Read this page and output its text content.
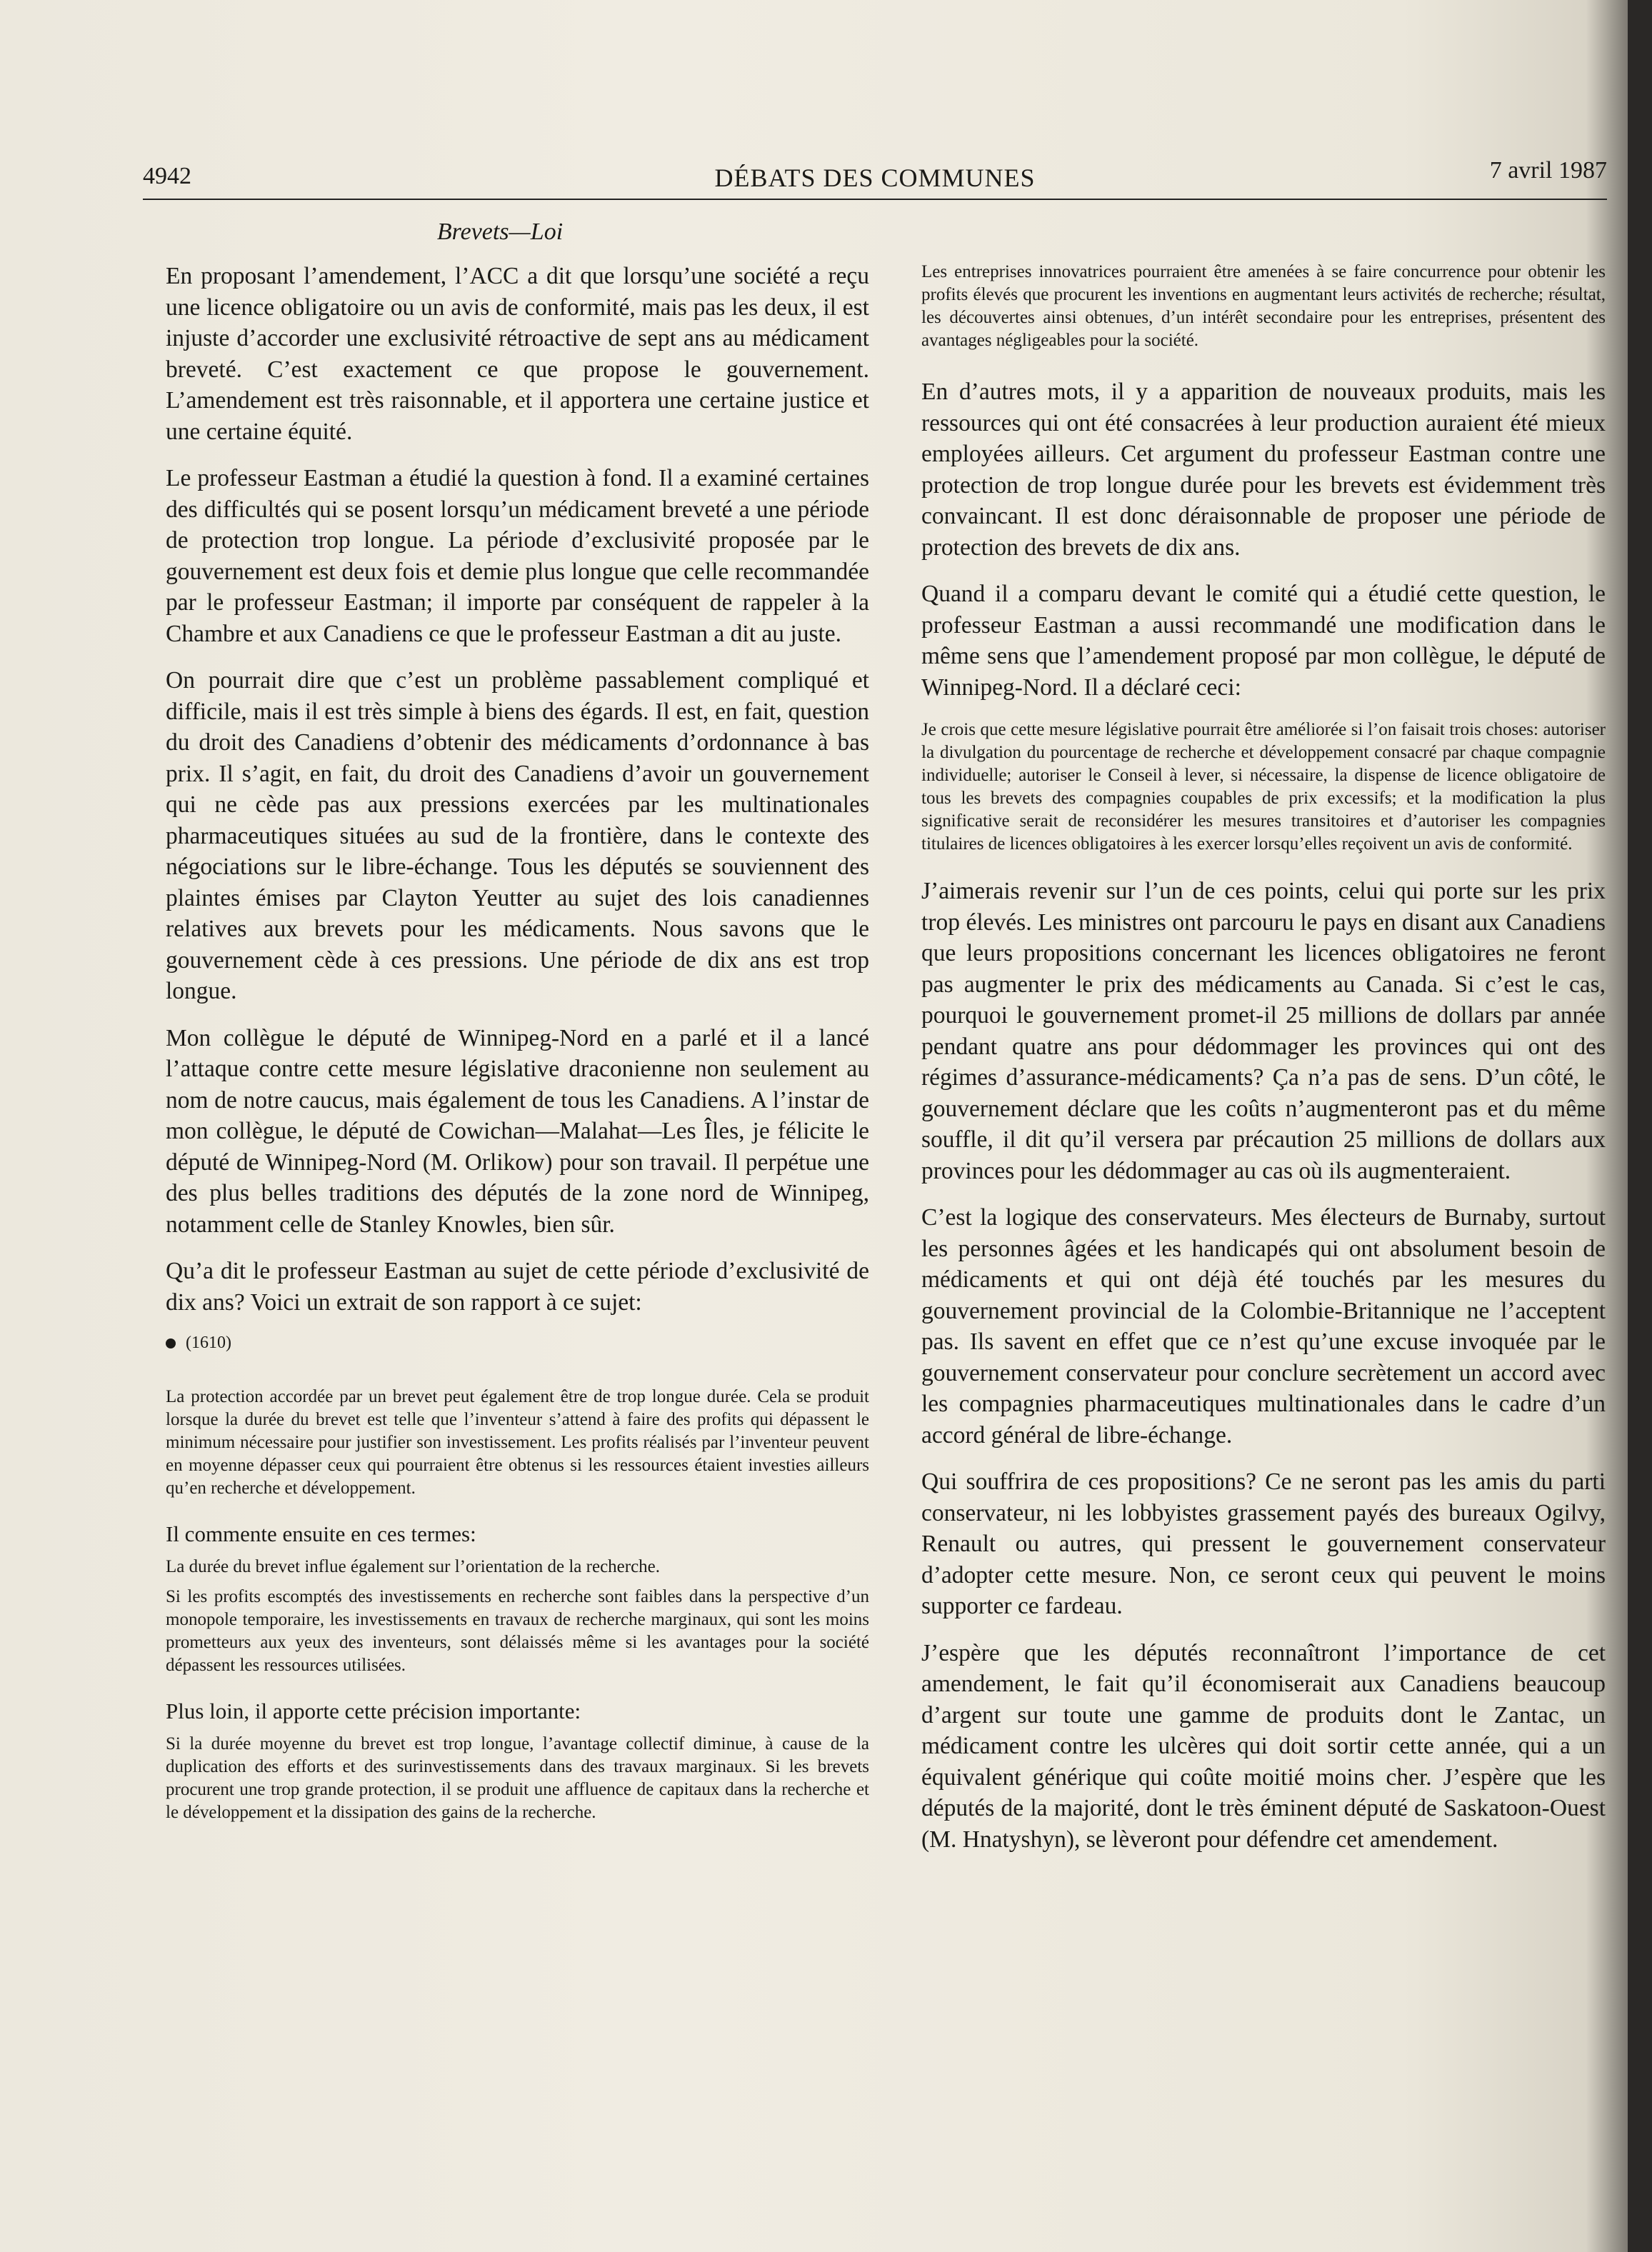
4942	DÉBATS DES COMMUNES	7 avril 1987
Brevets—Loi

En proposant l’amendement, l’ACC a dit que lorsqu’une société a reçu une licence obligatoire ou un avis de conformité, mais pas les deux, il est injuste d’accorder une exclusivité rétroactive de sept ans au médicament breveté. C’est exactement ce que propose le gouvernement. L’amendement est très raisonnable, et il apportera une certaine justice et une certaine équité.

Le professeur Eastman a étudié la question à fond. Il a examiné certaines des difficultés qui se posent lorsqu’un médicament breveté a une période de protection trop longue. La période d’exclusivité proposée par le gouvernement est deux fois et demie plus longue que celle recommandée par le professeur Eastman; il importe par conséquent de rappeler à la Chambre et aux Canadiens ce que le professeur Eastman a dit au juste.

On pourrait dire que c’est un problème passablement compliqué et difficile, mais il est très simple à biens des égards. Il est, en fait, question du droit des Canadiens d’obtenir des médicaments d’ordonnance à bas prix. Il s’agit, en fait, du droit des Canadiens d’avoir un gouvernement qui ne cède pas aux pressions exercées par les multinationales pharmaceutiques situées au sud de la frontière, dans le contexte des négociations sur le libre-échange. Tous les députés se souviennent des plaintes émises par Clayton Yeutter au sujet des lois canadiennes relatives aux brevets pour les médicaments. Nous savons que le gouvernement cède à ces pressions. Une période de dix ans est trop longue.

Mon collègue le député de Winnipeg-Nord en a parlé et il a lancé l’attaque contre cette mesure législative draconienne non seulement au nom de notre caucus, mais également de tous les Canadiens. A l’instar de mon collègue, le député de Cowichan—Malahat—Les Îles, je félicite le député de Winnipeg-Nord (M. Orlikow) pour son travail. Il perpétue une des plus belles traditions des députés de la zone nord de Winnipeg, notamment celle de Stanley Knowles, bien sûr.

Qu’a dit le professeur Eastman au sujet de cette période d’exclusivité de dix ans? Voici un extrait de son rapport à ce sujet:

(1610)

La protection accordée par un brevet peut également être de trop longue durée. Cela se produit lorsque la durée du brevet est telle que l’inventeur s’attend à faire des profits qui dépassent le minimum nécessaire pour justifier son investissement. Les profits réalisés par l’inventeur peuvent en moyenne dépasser ceux qui pourraient être obtenus si les ressources étaient investies ailleurs qu’en recherche et développement.

Il commente ensuite en ces termes:

La durée du brevet influe également sur l’orientation de la recherche.

Si les profits escomptés des investissements en recherche sont faibles dans la perspective d’un monopole temporaire, les investissements en travaux de recherche marginaux, qui sont les moins prometteurs aux yeux des inventeurs, sont délaissés même si les avantages pour la société dépassent les ressources utilisées.

Plus loin, il apporte cette précision importante:

Si la durée moyenne du brevet est trop longue, l’avantage collectif diminue, à cause de la duplication des efforts et des surinvestissements dans des travaux marginaux. Si les brevets procurent une trop grande protection, il se produit une affluence de capitaux dans la recherche et le développement et la dissipation des gains de la recherche.

Les entreprises innovatrices pourraient être amenées à se faire concurrence pour obtenir les profits élevés que procurent les inventions en augmentant leurs activités de recherche; résultat, les découvertes ainsi obtenues, d’un intérêt secondaire pour les entreprises, présentent des avantages négligeables pour la société.

En d’autres mots, il y a apparition de nouveaux produits, mais les ressources qui ont été consacrées à leur production auraient été mieux employées ailleurs. Cet argument du professeur Eastman contre une protection de trop longue durée pour les brevets est évidemment très convaincant. Il est donc déraisonnable de proposer une période de protection des brevets de dix ans.

Quand il a comparu devant le comité qui a étudié cette question, le professeur Eastman a aussi recommandé une modification dans le même sens que l’amendement proposé par mon collègue, le député de Winnipeg-Nord. Il a déclaré ceci:

Je crois que cette mesure législative pourrait être améliorée si l’on faisait trois choses: autoriser la divulgation du pourcentage de recherche et développement consacré par chaque compagnie individuelle; autoriser le Conseil à lever, si nécessaire, la dispense de licence obligatoire de tous les brevets des compagnies coupables de prix excessifs; et la modification la plus significative serait de reconsidérer les mesures transitoires et d’autoriser les compagnies titulaires de licences obligatoires à les exercer lorsqu’elles reçoivent un avis de conformité.

J’aimerais revenir sur l’un de ces points, celui qui porte sur les prix trop élevés. Les ministres ont parcouru le pays en disant aux Canadiens que leurs propositions concernant les licences obligatoires ne feront pas augmenter le prix des médicaments au Canada. Si c’est le cas, pourquoi le gouvernement promet-il 25 millions de dollars par année pendant quatre ans pour dédommager les provinces qui ont des régimes d’assurance-médicaments? Ça n’a pas de sens. D’un côté, le gouvernement déclare que les coûts n’augmenteront pas et du même souffle, il dit qu’il versera par précaution 25 millions de dollars aux provinces pour les dédommager au cas où ils augmenteraient.

C’est la logique des conservateurs. Mes électeurs de Burnaby, surtout les personnes âgées et les handicapés qui ont absolument besoin de médicaments et qui ont déjà été touchés par les mesures du gouvernement provincial de la Colombie-Britannique ne l’acceptent pas. Ils savent en effet que ce n’est qu’une excuse invoquée par le gouvernement conservateur pour conclure secrètement un accord avec les compagnies pharmaceutiques multinationales dans le cadre d’un accord général de libre-échange.

Qui souffrira de ces propositions? Ce ne seront pas les amis du parti conservateur, ni les lobbyistes grassement payés des bureaux Ogilvy, Renault ou autres, qui pressent le gouvernement conservateur d’adopter cette mesure. Non, ce seront ceux qui peuvent le moins supporter ce fardeau.

J’espère que les députés reconnaîtront l’importance de cet amendement, le fait qu’il économiserait aux Canadiens beaucoup d’argent sur toute une gamme de produits dont le Zantac, un médicament contre les ulcères qui doit sortir cette année, qui a un équivalent générique qui coûte moitié moins cher. J’espère que les députés de la majorité, dont le très éminent député de Saskatoon-Ouest (M. Hnatyshyn), se lèveront pour défendre cet amendement.
